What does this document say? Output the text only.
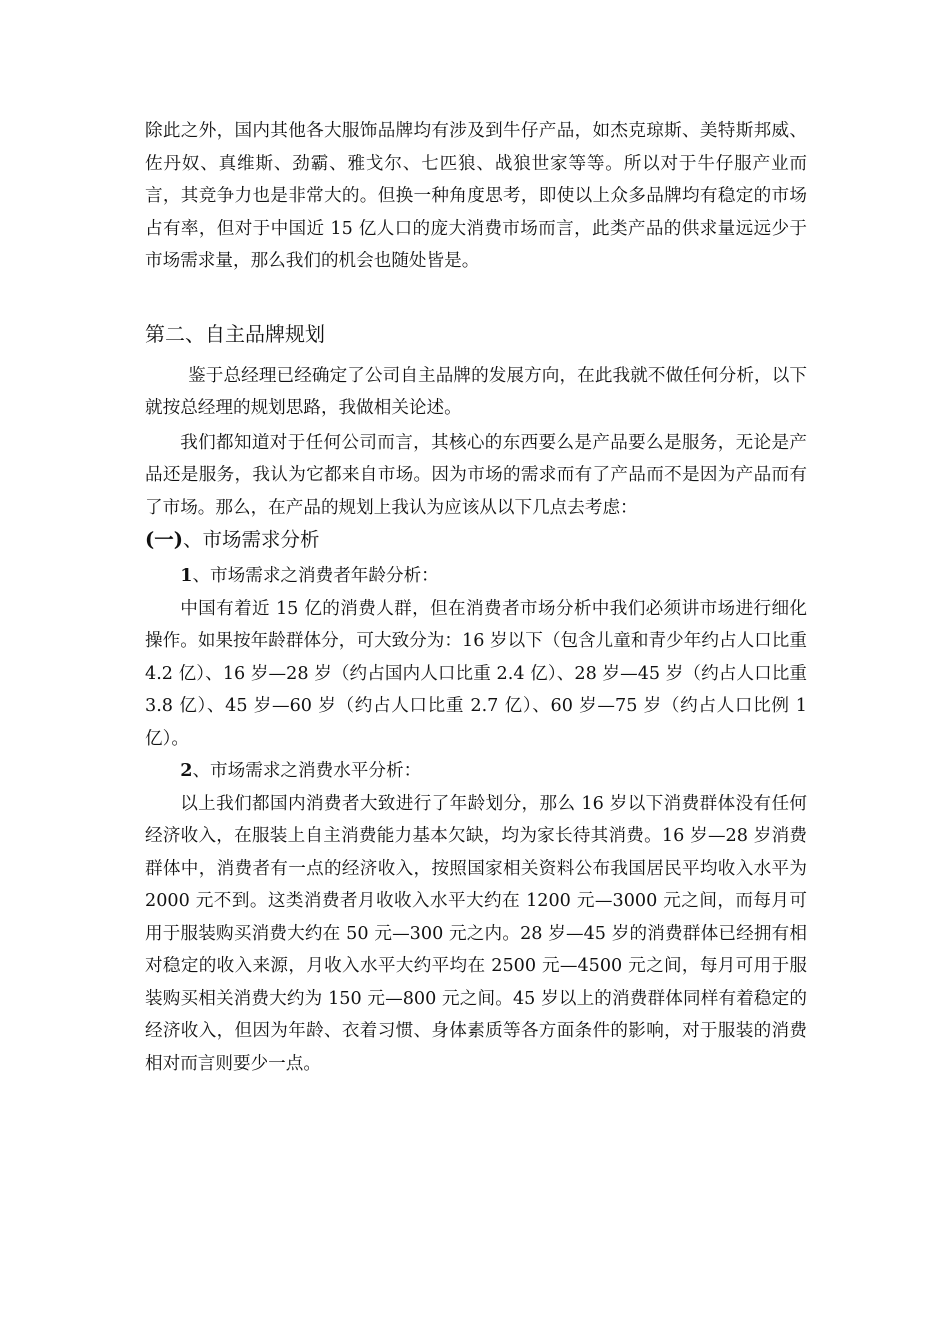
除此之外，国内其他各大服饰品牌均有涉及到牛仔产品，如杰克琼斯、美特斯邦威、佐丹奴、真维斯、劲霸、雅戈尔、七匹狼、战狼世家等等。所以对于牛仔服产业而言，其竞争力也是非常大的。但换一种角度思考，即使以上众多品牌均有稳定的市场占有率，但对于中国近 15 亿人口的庞大消费市场而言，此类产品的供求量远远少于市场需求量，那么我们的机会也随处皆是。

第二、自主品牌规划

鉴于总经理已经确定了公司自主品牌的发展方向，在此我就不做任何分析，以下就按总经理的规划思路，我做相关论述。

我们都知道对于任何公司而言，其核心的东西要么是产品要么是服务，无论是产品还是服务，我认为它都来自市场。因为市场的需求而有了产品而不是因为产品而有了市场。那么，在产品的规划上我认为应该从以下几点去考虑：

(一)、市场需求分析

1、市场需求之消费者年龄分析：

中国有着近 15 亿的消费人群，但在消费者市场分析中我们必须讲市场进行细化操作。如果按年龄群体分，可大致分为：16 岁以下（包含儿童和青少年约占人口比重 4.2 亿）、16 岁—28 岁（约占国内人口比重 2.4 亿）、28 岁—45 岁（约占人口比重 3.8 亿）、45 岁—60 岁（约占人口比重 2.7 亿）、60 岁—75 岁（约占人口比例 1 亿）。

2、市场需求之消费水平分析：

以上我们都国内消费者大致进行了年龄划分，那么 16 岁以下消费群体没有任何经济收入，在服装上自主消费能力基本欠缺，均为家长待其消费。16 岁—28 岁消费群体中，消费者有一点的经济收入，按照国家相关资料公布我国居民平均收入水平为 2000 元不到。这类消费者月收收入水平大约在 1200 元—3000 元之间，而每月可用于服装购买消费大约在 50 元—300 元之内。28 岁—45 岁的消费群体已经拥有相对稳定的收入来源，月收入水平大约平均在 2500 元—4500 元之间，每月可用于服装购买相关消费大约为 150 元—800 元之间。45 岁以上的消费群体同样有着稳定的经济收入，但因为年龄、衣着习惯、身体素质等各方面条件的影响，对于服装的消费相对而言则要少一点。
